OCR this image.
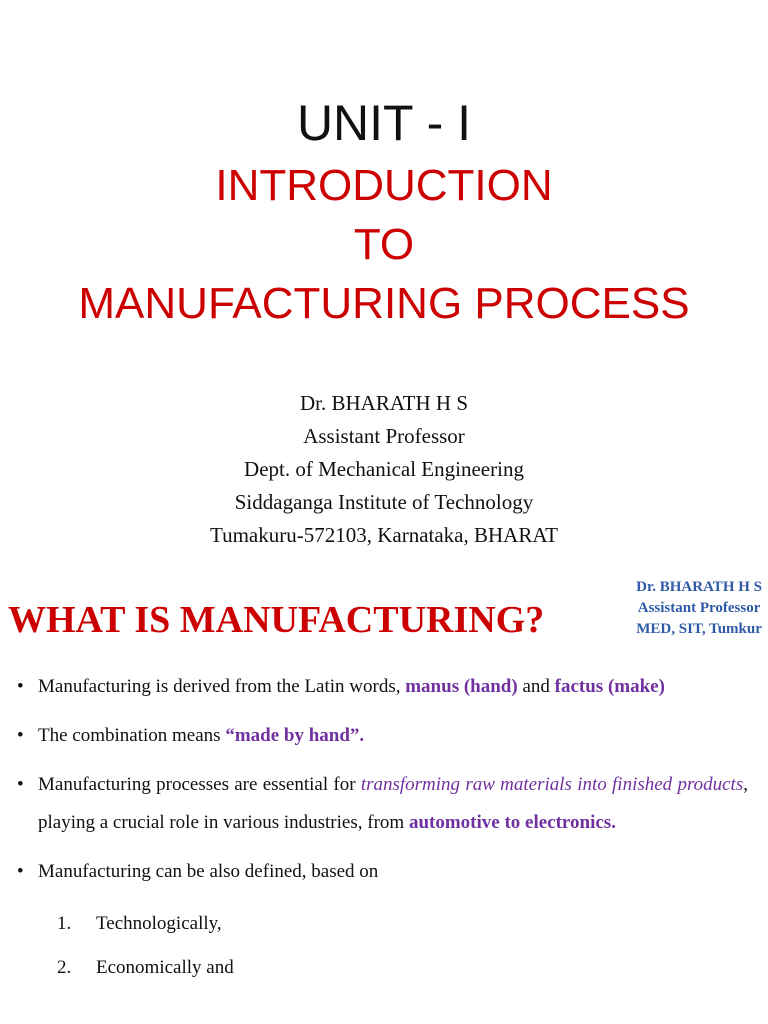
UNIT - I
INTRODUCTION
TO
MANUFACTURING PROCESS
Dr. BHARATH H S
Assistant Professor
Dept. of Mechanical Engineering
Siddaganga Institute of Technology
Tumakuru-572103, Karnataka, BHARAT
WHAT IS MANUFACTURING?
Dr. BHARATH H S
Assistant Professor
MED, SIT, Tumkur
• Manufacturing is derived from the Latin words, manus (hand) and factus (make)
• The combination means “made by hand”.
• Manufacturing processes are essential for transforming raw materials into finished products, playing a crucial role in various industries, from automotive to electronics.
• Manufacturing can be also defined, based on
1. Technologically,
2. Economically and
